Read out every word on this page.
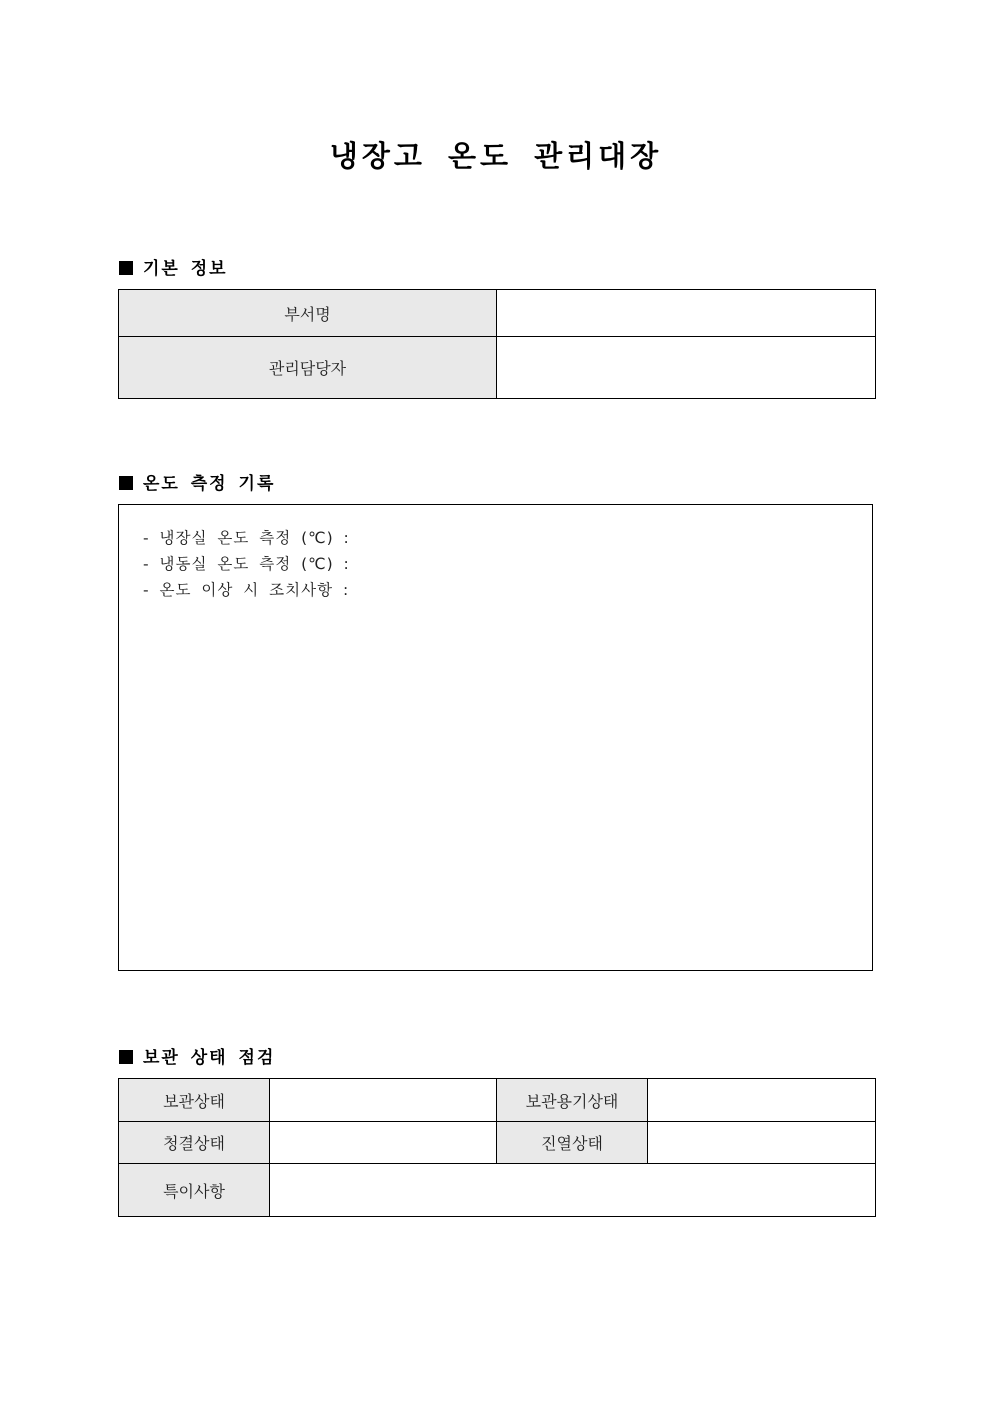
냉장고 온도 관리대장
기본 정보
부서명	
관리담당자	
온도 측정 기록
- 냉장실 온도 측정 (℃) :
- 냉동실 온도 측정 (℃) :
- 온도 이상 시 조치사항 :
보관 상태 점검
보관상태		보관용기상태	
청결상태		진열상태	
특이사항			
